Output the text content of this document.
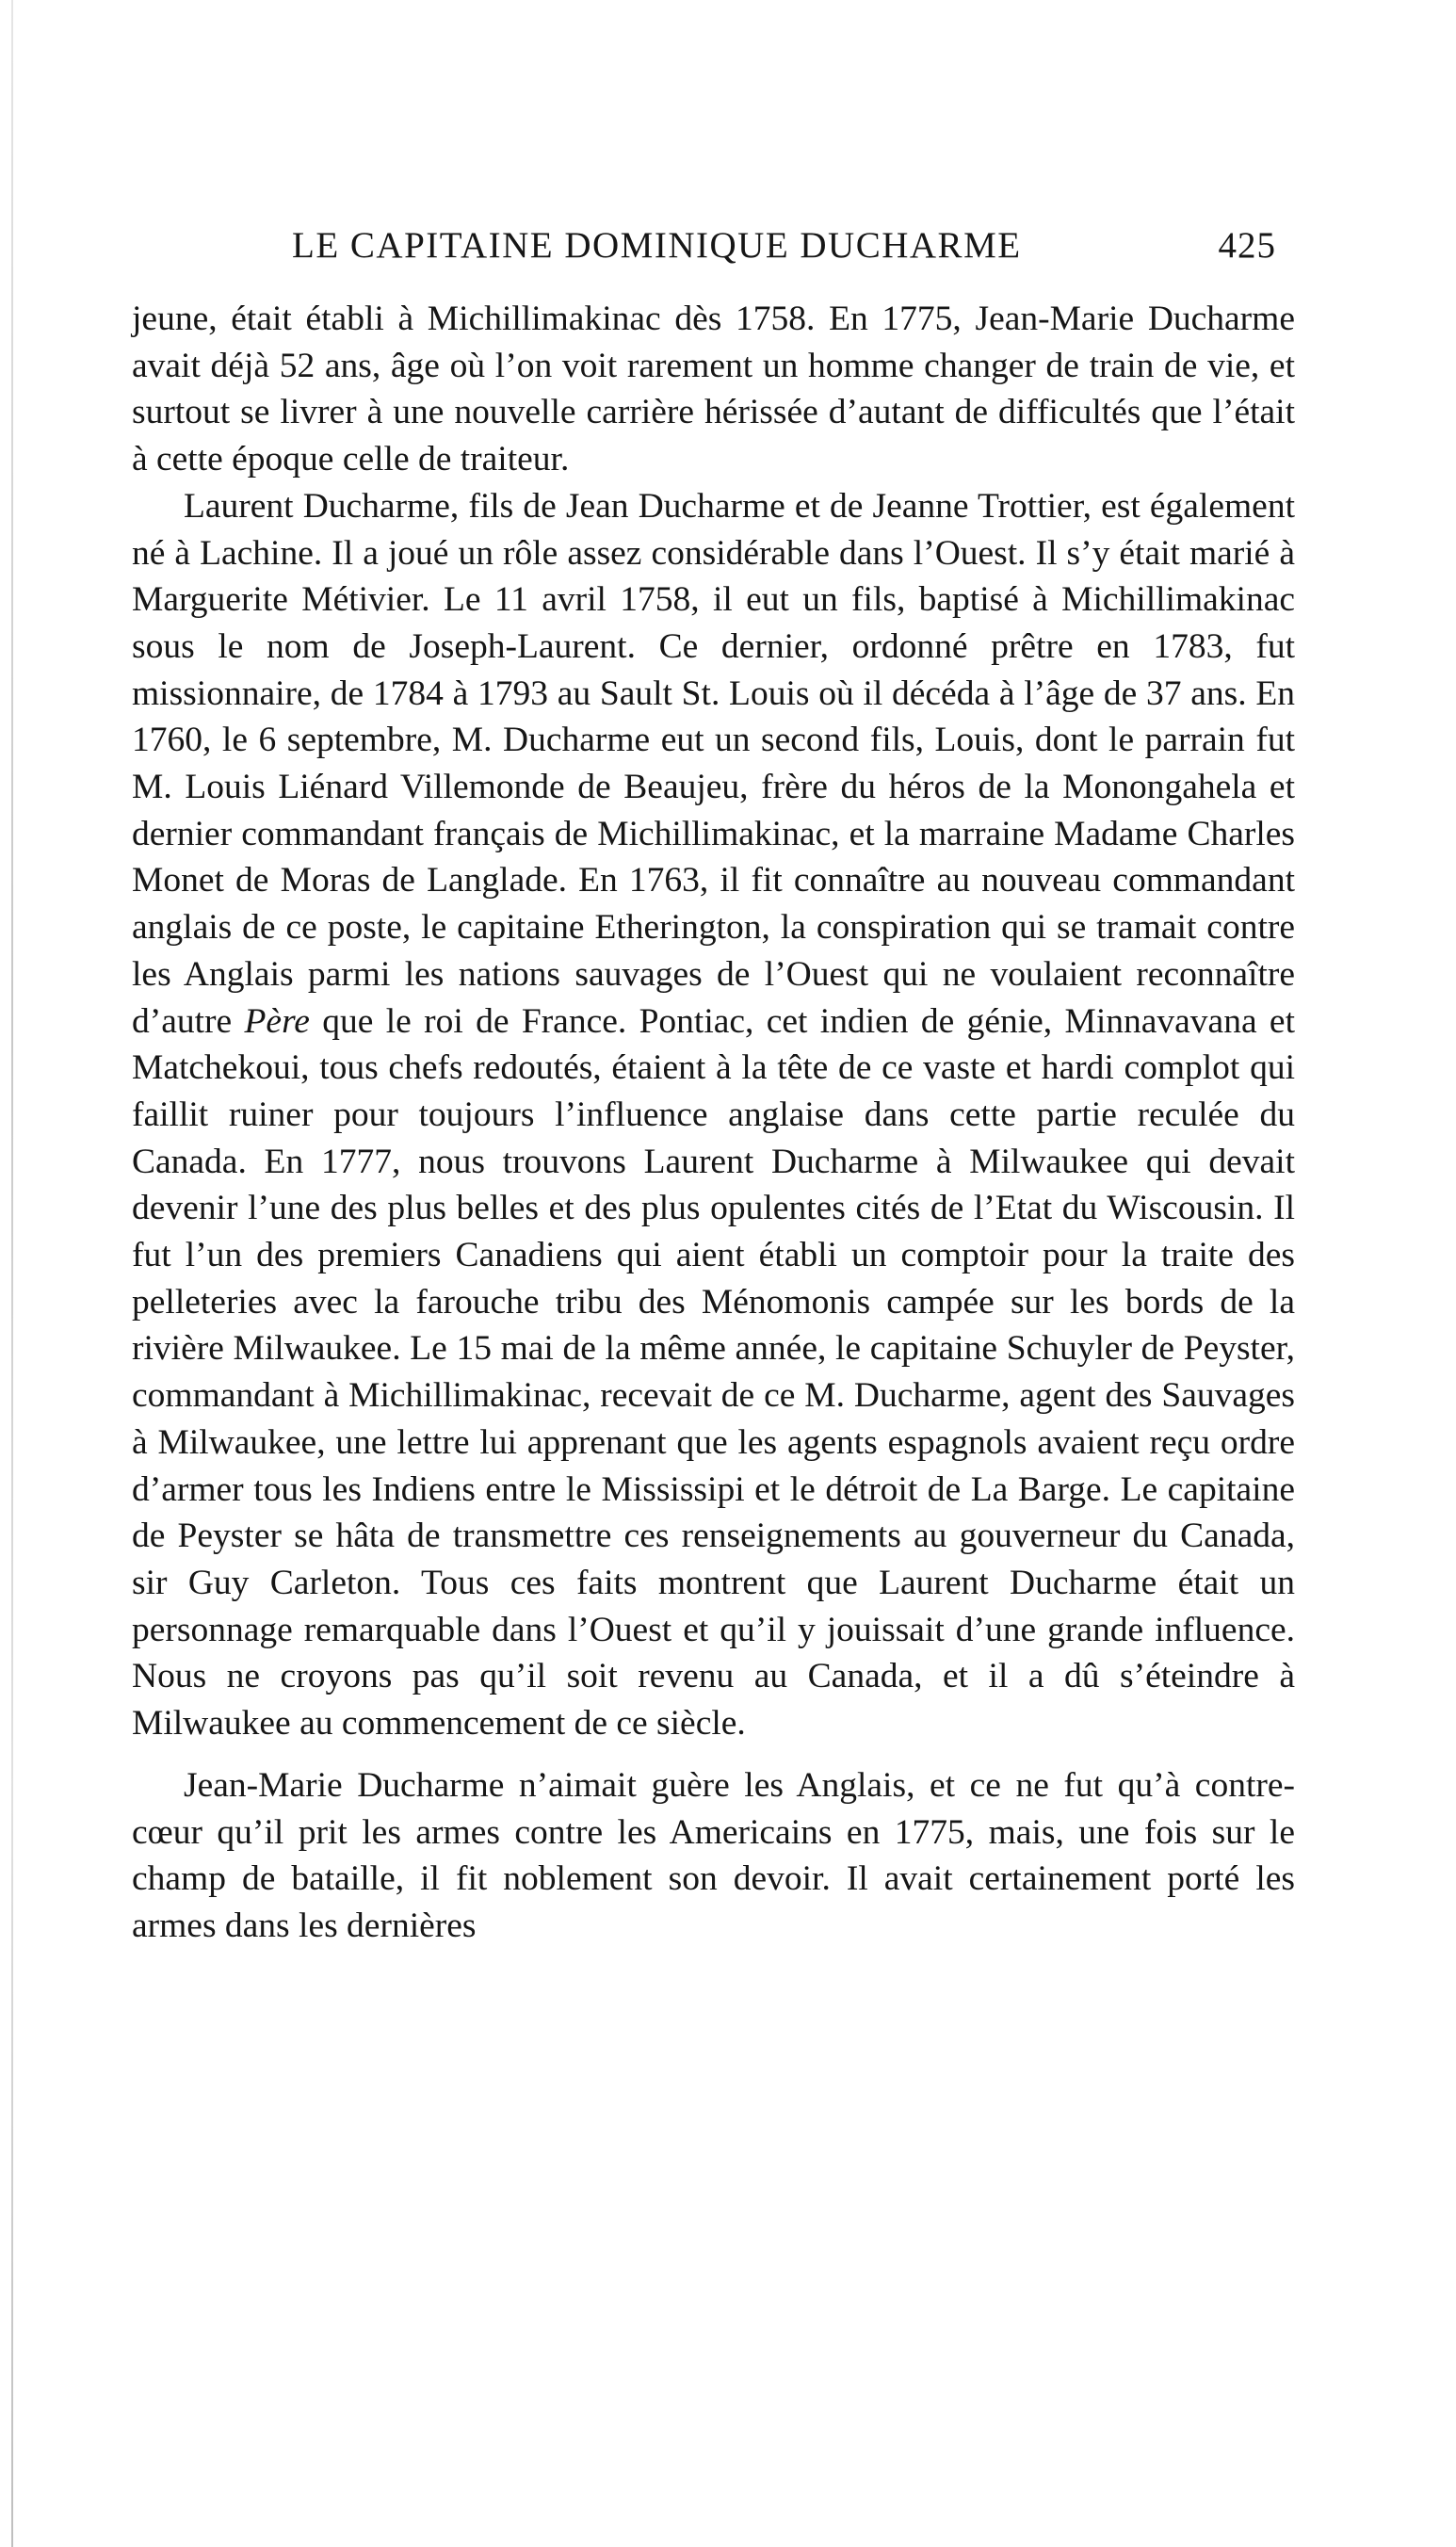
LE CAPITAINE DOMINIQUE DUCHARME	425

jeune, était établi à Michillimakinac dès 1758. En 1775, Jean-Marie Ducharme avait déjà 52 ans, âge où l’on voit rarement un homme changer de train de vie, et surtout se livrer à une nouvelle carrière hérissée d’autant de difficultés que l’était à cette époque celle de traiteur.

Laurent Ducharme, fils de Jean Ducharme et de Jeanne Trottier, est également né à Lachine. Il a joué un rôle assez considérable dans l’Ouest. Il s’y était marié à Marguerite Métivier. Le 11 avril 1758, il eut un fils, baptisé à Michillimakinac sous le nom de Joseph-Laurent. Ce dernier, ordonné prêtre en 1783, fut missionnaire, de 1784 à 1793 au Sault St. Louis où il décéda à l’âge de 37 ans. En 1760, le 6 septembre, M. Ducharme eut un second fils, Louis, dont le parrain fut M. Louis Liénard Villemonde de Beaujeu, frère du héros de la Monongahela et dernier commandant français de Michillimakinac, et la marraine Madame Charles Monet de Moras de Langlade. En 1763, il fit connaître au nouveau commandant anglais de ce poste, le capitaine Etherington, la conspiration qui se tramait contre les Anglais parmi les nations sauvages de l’Ouest qui ne voulaient reconnaître d’autre Père que le roi de France. Pontiac, cet indien de génie, Minnavavana et Matchekoui, tous chefs redoutés, étaient à la tête de ce vaste et hardi complot qui faillit ruiner pour toujours l’influence anglaise dans cette partie reculée du Canada. En 1777, nous trouvons Laurent Ducharme à Milwaukee qui devait devenir l’une des plus belles et des plus opulentes cités de l’Etat du Wiscousin. Il fut l’un des premiers Canadiens qui aient établi un comptoir pour la traite des pelleteries avec la farouche tribu des Ménomonis campée sur les bords de la rivière Milwaukee. Le 15 mai de la même année, le capitaine Schuyler de Peyster, commandant à Michillimakinac, recevait de ce M. Ducharme, agent des Sauvages à Milwaukee, une lettre lui apprenant que les agents espagnols avaient reçu ordre d’armer tous les Indiens entre le Mississipi et le détroit de La Barge. Le capitaine de Peyster se hâta de transmettre ces renseignements au gouverneur du Canada, sir Guy Carleton. Tous ces faits montrent que Laurent Ducharme était un personnage remarquable dans l’Ouest et qu’il y jouissait d’une grande influence. Nous ne croyons pas qu’il soit revenu au Canada, et il a dû s’éteindre à Milwaukee au commencement de ce siècle.

Jean-Marie Ducharme n’aimait guère les Anglais, et ce ne fut qu’à contre-cœur qu’il prit les armes contre les Americains en 1775, mais, une fois sur le champ de bataille, il fit noblement son devoir. Il avait certainement porté les armes dans les dernières
